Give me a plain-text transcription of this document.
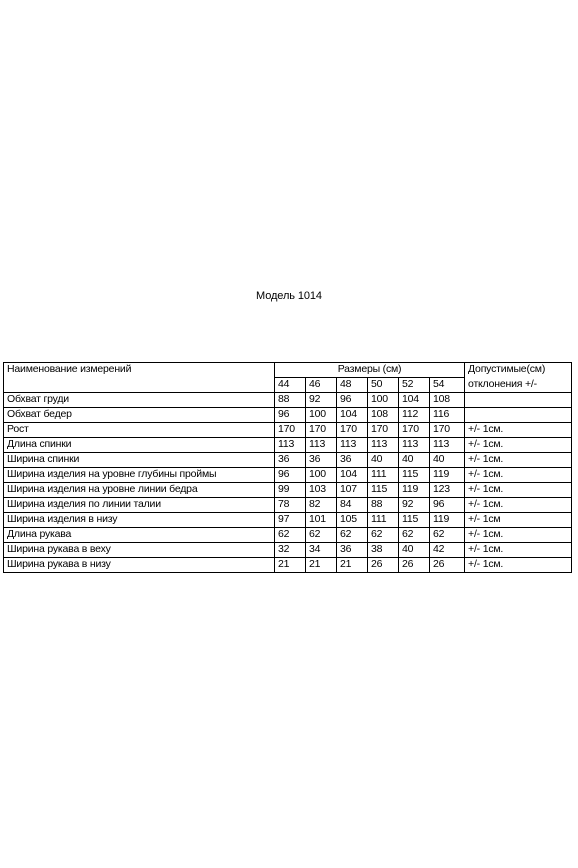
Модель 1014
Наименование измерений	Размеры (см)						Допустимые(см)
	44	46	48	50	52	54	отклонения +/-
Обхват груди	88	92	96	100	104	108	
Обхват бедер	96	100	104	108	112	116	
Рост	170	170	170	170	170	170	+/- 1см.
Длина спинки	113	113	113	113	113	113	+/- 1см.
Ширина спинки	36	36	36	40	40	40	+/- 1см.
Ширина изделия на уровне глубины проймы	96	100	104	111	115	119	+/- 1см.
Ширина изделия на уровне линии бедра	99	103	107	115	119	123	+/- 1см.
Ширина изделия по линии талии	78	82	84	88	92	96	+/- 1см.
Ширина изделия в низу	97	101	105	111	115	119	+/- 1см
Длина рукава	62	62	62	62	62	62	+/- 1см.
Ширина рукава в веху	32	34	36	38	40	42	+/- 1см.
Ширина рукава в низу	21	21	21	26	26	26	+/- 1см.
